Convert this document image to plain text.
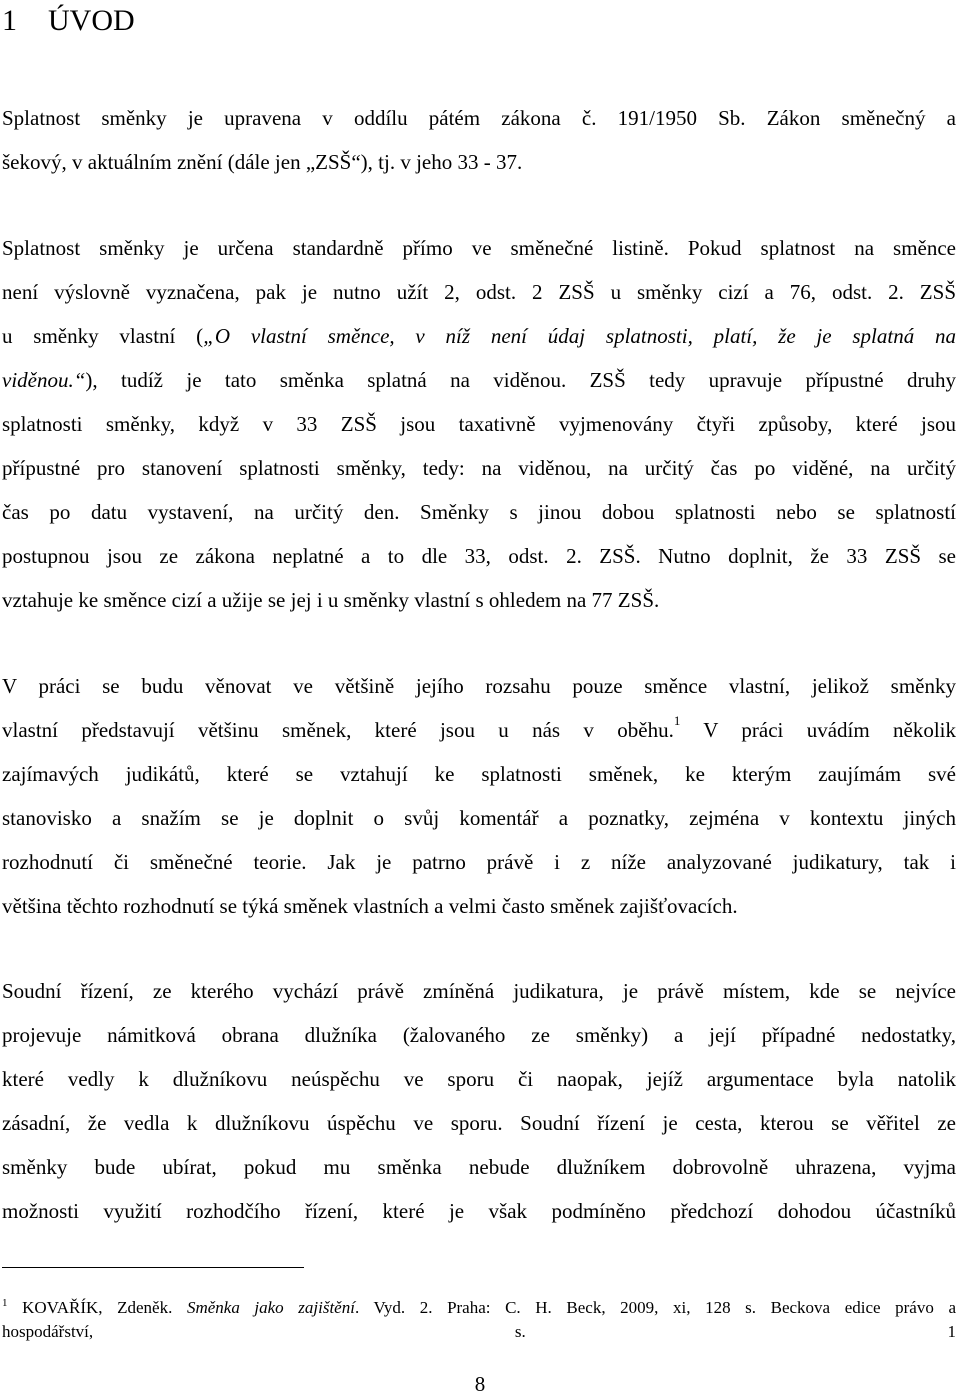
1 ÚVOD
Splatnost směnky je upravena v oddílu pátém zákona č. 191/1950 Sb. Zákon směnečný a
šekový, v aktuálním znění (dále jen „ZSŠ“), tj. v jeho 33 - 37.
Splatnost směnky je určena standardně přímo ve směnečné listině. Pokud splatnost na směnce
není výslovně vyznačena, pak je nutno užít 2, odst. 2 ZSŠ u směnky cizí a 76, odst. 2. ZSŠ
u směnky vlastní („O vlastní směnce, v níž není údaj splatnosti, platí, že je splatná na
viděnou.“), tudíž je tato směnka splatná na viděnou. ZSŠ tedy upravuje přípustné druhy
splatnosti směnky, když v 33 ZSŠ jsou taxativně vyjmenovány čtyři způsoby, které jsou
přípustné pro stanovení splatnosti směnky, tedy: na viděnou, na určitý čas po viděné, na určitý
čas po datu vystavení, na určitý den. Směnky s jinou dobou splatnosti nebo se splatností
postupnou jsou ze zákona neplatné a to dle 33, odst. 2. ZSŠ. Nutno doplnit, že 33 ZSŠ se
vztahuje ke směnce cizí a užije se jej i u směnky vlastní s ohledem na 77 ZSŠ.
V práci se budu věnovat ve většině jejího rozsahu pouze směnce vlastní, jelikož směnky
vlastní představují většinu směnek, které jsou u nás v oběhu.$^1$ V práci uvádím několik
zajímavých judikátů, které se vztahují ke splatnosti směnek, ke kterým zaujímám své
stanovisko a snažím se je doplnit o svůj komentář a poznatky, zejména v kontextu jiných
rozhodnutí či směnečné teorie. Jak je patrno právě i z níže analyzované judikatury, tak i
většina těchto rozhodnutí se týká směnek vlastních a velmi často směnek zajišťovacích.
Soudní řízení, ze kterého vychází právě zmíněná judikatura, je právě místem, kde se nejvíce
projevuje námitková obrana dlužníka (žalovaného ze směnky) a její případné nedostatky,
které vedly k dlužníkovu neúspěchu ve sporu či naopak, jejíž argumentace byla natolik
zásadní, že vedla k dlužníkovu úspěchu ve sporu. Soudní řízení je cesta, kterou se věřitel ze
směnky bude ubírat, pokud mu směnka nebude dlužníkem dobrovolně uhrazena, vyjma
možnosti využití rozhodčího řízení, které je však podmíněno předchozí dohodou účastníků
$^1$ KOVAŘÍK, Zdeněk. Směnka jako zajištění. Vyd. 2. Praha: C. H. Beck, 2009, xi, 128 s. Beckova edice právo a
hospodářství, s. 1

8
